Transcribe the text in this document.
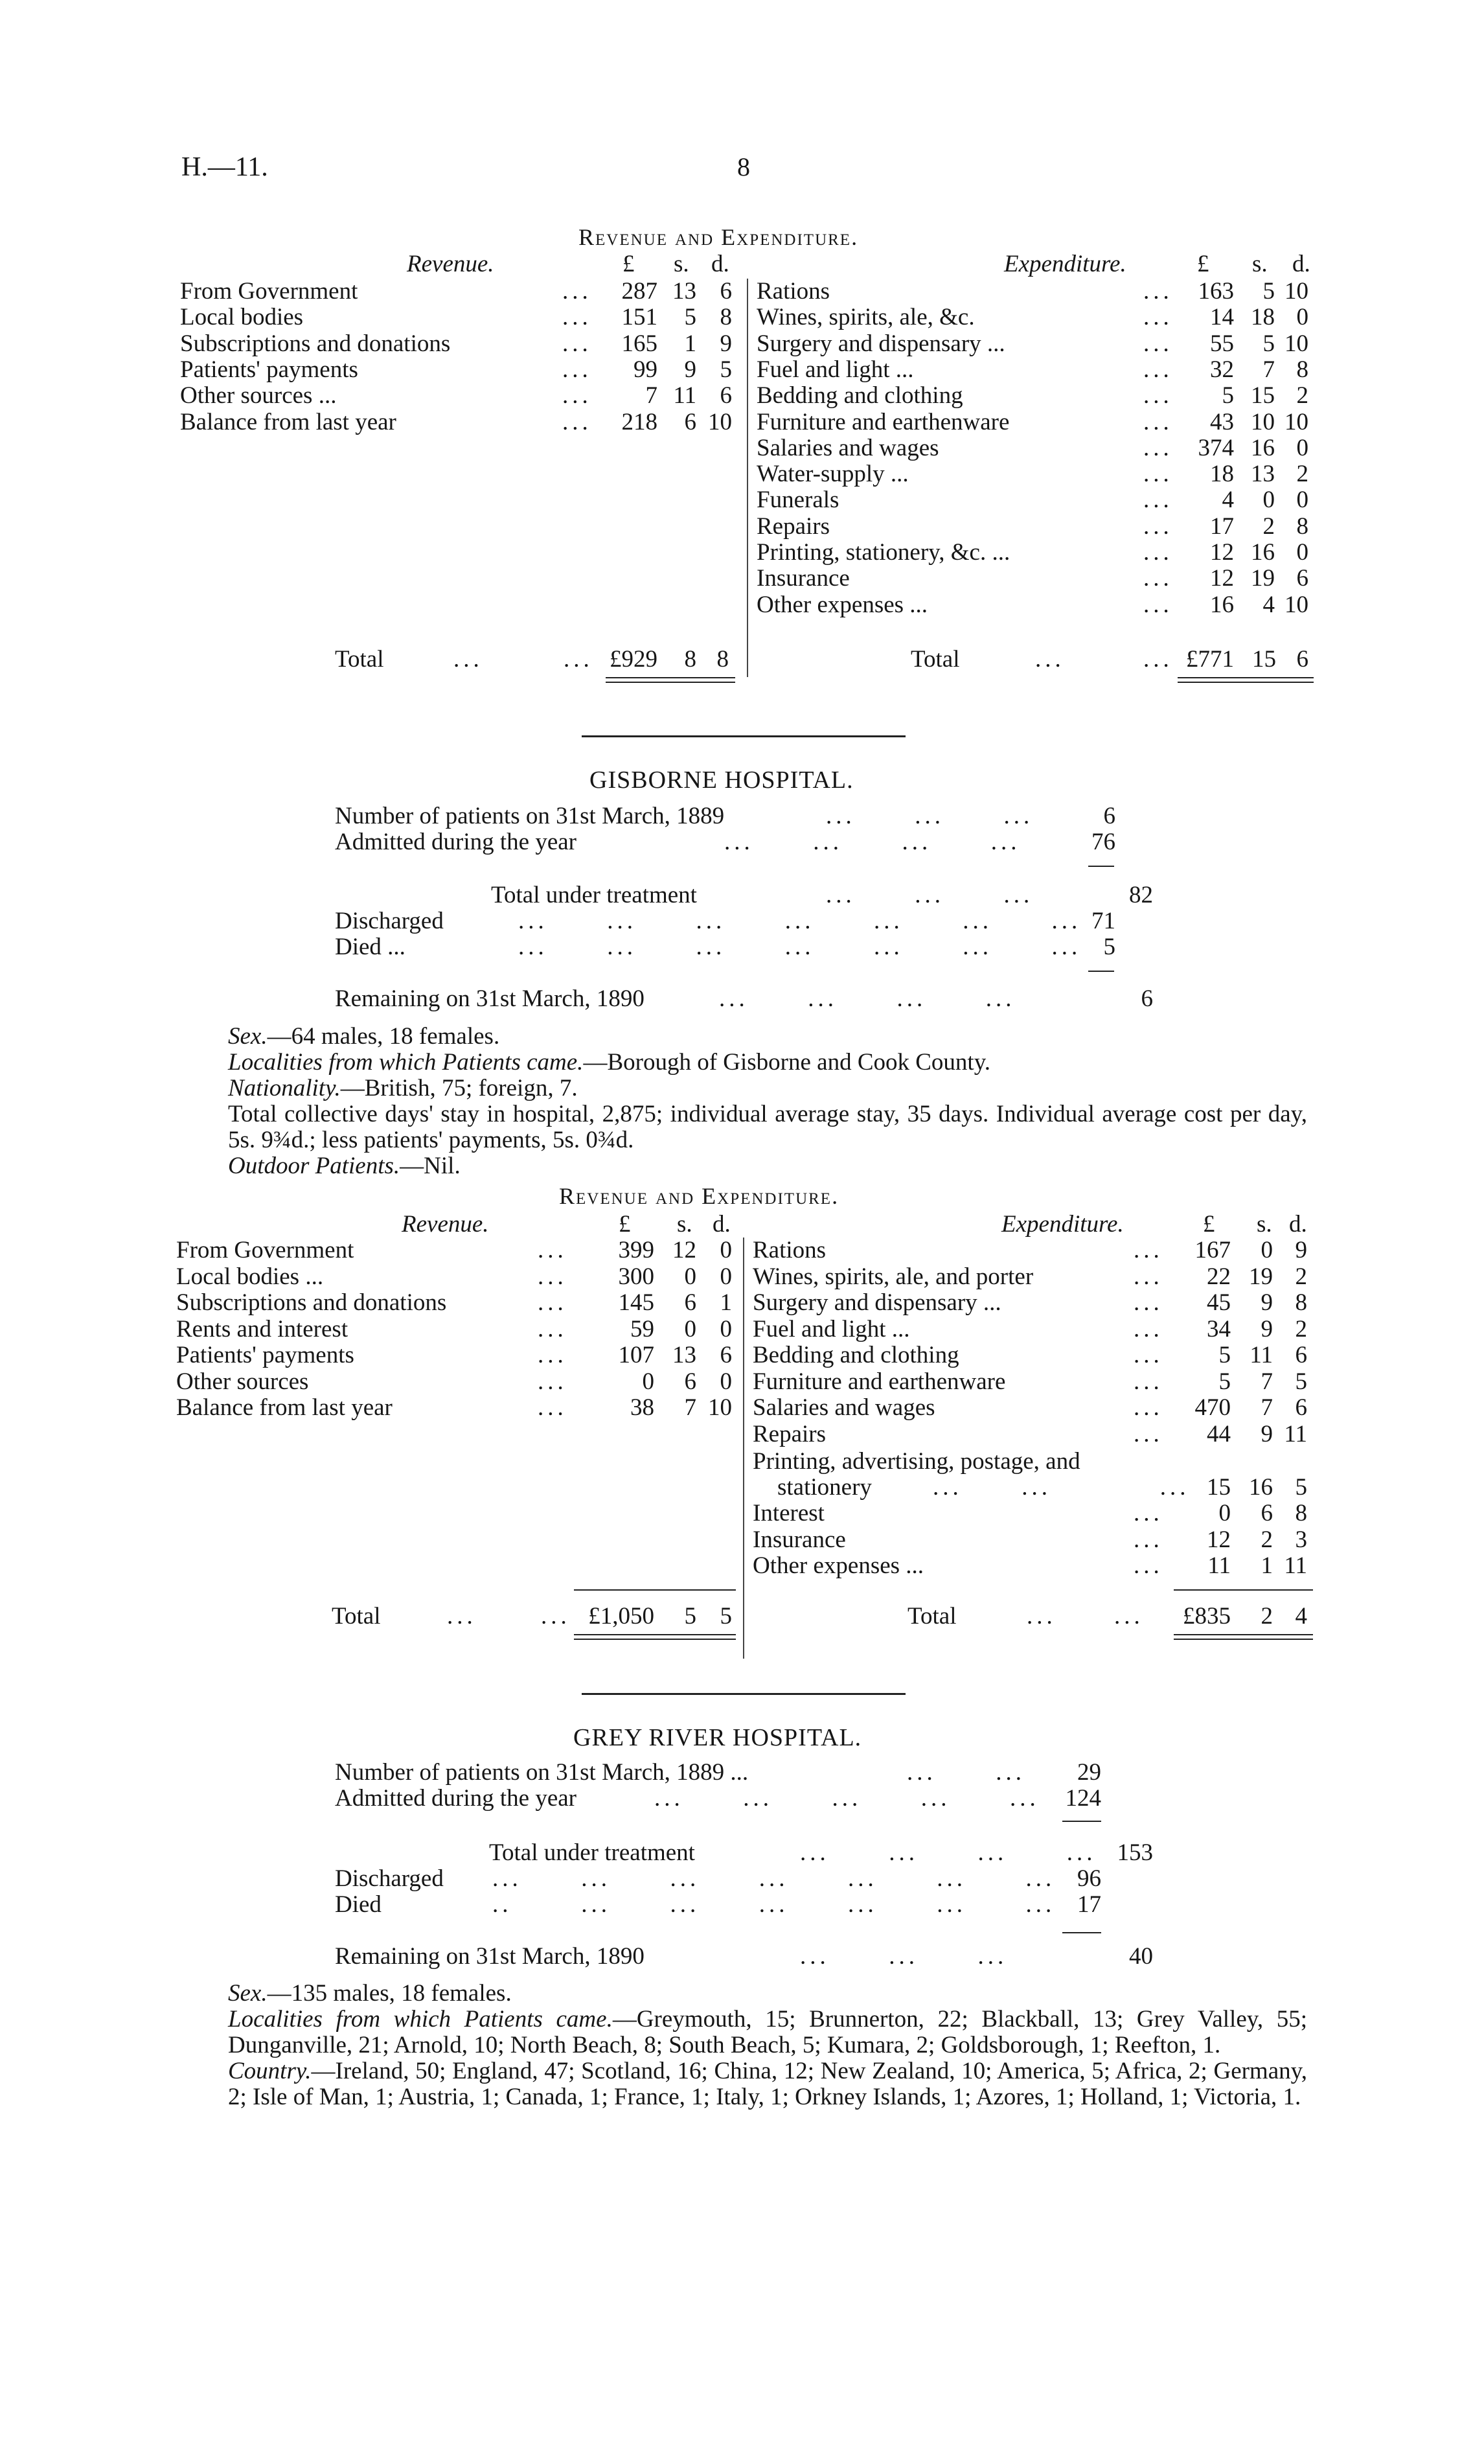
H.—11.	8
Revenue and Expenditure.
Revenue.	£ s. d.	Expenditure.	£ s. d.
From Government	...	287 13 6
Local bodies	...	151	5 8
Subscriptions and donations	...	165	1 9
Patients' payments	...	99	9 5
Other sources ...	...	7 11 6
Balance from last year	...	218	6 10
Rations	...	163	5 10
Wines, spirits, ale, &c.	...	14 18 0
Surgery and dispensary ...	...	55	5 10
Fuel and light ...	...	32	7 8
Bedding and clothing	...	5 15 2
Furniture and earthenware	...	43 10 10
Salaries and wages	...	374 16 0
Water-supply ...	...	18 13 2
Funerals	...	4	0 0
Repairs	...	17	2 8
Printing, stationery, &c. ...	...	12 16 0
Insurance	...	12 19 6
Other expenses ...	...	16	4 10
Total	...	... £929	8 8	Total	...	... £771 15 6
GISBORNE HOSPITAL.
Number of patients on 31st March, 1889	...      ...      ...	6
Admitted during the year	...      ...      ...      ...	76
Total under treatment	...      ...      ...	82
Discharged	...      ...      ...      ...      ...      ...      ... 71
Died ...	...      ...      ...      ...      ...      ...      ... 5
Remaining on 31st March, 1890	...      ...      ...      ...	6
Sex.—64 males, 18 females.
Localities from which Patients came.—Borough of Gisborne and Cook County.
Nationality.—British, 75; foreign, 7.
Total collective days' stay in hospital, 2,875; individual average stay, 35 days. Individual average cost per day, 5s. 9¾d.; less patients' payments, 5s. 0¾d.
Outdoor Patients.—Nil.
Revenue and Expenditure.
Revenue.	£ s. d.	Expenditure.	£ s. d.
From Government	...	399 12 0
Local bodies ...	...	300	0 0
Subscriptions and donations	...	145	6 1
Rents and interest	...	59	0 0
Patients' payments	...	107 13 6
Other sources	...	0	6 0
Balance from last year	...	38	7 10
Rations	...	167	0 9
Wines, spirits, ale, and porter	...	22 19 2
Surgery and dispensary ...	...	45	9 8
Fuel and light ...	...	34	9 2
Bedding and clothing	...	5 11 6
Furniture and earthenware	...	5	7 5
Salaries and wages	...	470	7 6
Repairs	...	44	9 11
Printing, advertising, postage, and
stationery	...      ...           ... 15 16 5
Interest	...	0	6 8
Insurance	...	12	2 3
Other expenses ...	...	11	1 11
Total	...	... £1,050	5 5	Total	... ...	£835	2 4
GREY RIVER HOSPITAL.
Number of patients on 31st March, 1889 ...	...      ...	29
Admitted during the year	...      ...      ...      ...      ...	124
Total under treatment	...      ...      ...      ... 153
Discharged ...      ...      ...      ...      ...      ...      ... 96
Died	..       ...      ...      ...      ...      ...      ... 17
Remaining on 31st March, 1890	...      ...      ...	40
Sex.—135 males, 18 females.
Localities from which Patients came.—Greymouth, 15; Brunnerton, 22; Blackball, 13; Grey Valley, 55; Dunganville, 21; Arnold, 10; North Beach, 8; South Beach, 5; Kumara, 2; Goldsborough, 1; Reefton, 1.
Country.—Ireland, 50; England, 47; Scotland, 16; China, 12; New Zealand, 10; America, 5; Africa, 2; Germany, 2; Isle of Man, 1; Austria, 1; Canada, 1; France, 1; Italy, 1; Orkney Islands, 1; Azores, 1; Holland, 1; Victoria, 1.
